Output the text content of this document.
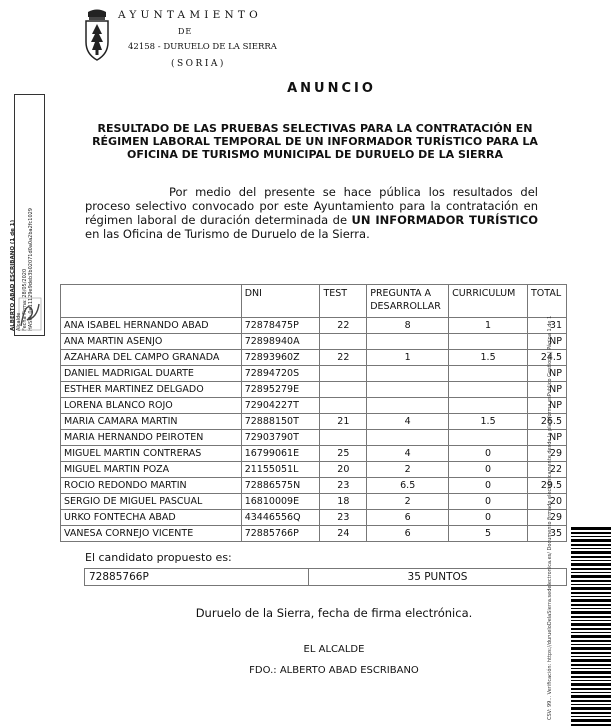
AYUNTAMIENTO
DE
42158 - DURUELO DE LA SIERRA
(SORIA)
ANUNCIO
RESULTADO DE LAS PRUEBAS SELECTIVAS PARA LA CONTRATACIÓN EN RÉGIMEN LABORAL TEMPORAL DE UN INFORMADOR TURÍSTICO PARA LA OFICINA DE TURISMO MUNICIPAL DE DURUELO DE LA SIERRA
Por medio del presente se hace pública los resultados del proceso selectivo convocado por este Ayuntamiento para la contratación en régimen laboral de duración determinada de UN INFORMADOR TURÍSTICO en las Oficina de Turismo de Duruelo de la Sierra.
	DNI	TEST	PREGUNTA A DESARROLLAR	CURRICULUM	TOTAL
ANA ISABEL HERNANDO ABAD	72878475P	22	8	1	31
ANA MARTIN ASENJO	72898940A				NP
AZAHARA DEL CAMPO GRANADA	72893960Z	22	1	1.5	24.5
DANIEL MADRIGAL DUARTE	72894720S				NP
ESTHER MARTINEZ DELGADO	72895279E				NP
LORENA BLANCO ROJO	72904227T				NP
MARIA CAMARA MARTIN	72888150T	21	4	1.5	26.5
MARIA HERNANDO PEIROTEN	72903790T				NP
MIGUEL MARTIN CONTRERAS	16799061E	25	4	0	29
MIGUEL MARTIN POZA	21155051L	20	2	0	22
ROCIO REDONDO MARTIN	72886575N	23	6.5	0	29.5
SERGIO DE MIGUEL PASCUAL	16810009E	18	2	0	20
URKO FONTECHA ABAD	43446556Q	23	6	0	29
VANESA CORNEJO VICENTE	72885766P	24	6	5	35
El candidato propuesto es:
72885766P	35 PUNTOS
Duruelo de la Sierra, fecha de firma electrónica.
EL ALCALDE
FDO.: ALBERTO ABAD ESCRIBANO
ALBERTO ABAD ESCRIBANO (1 de 1)
Alcalde
Fecha Firma: 28/05/2020
HASH: 0e11129e9deb3b02071d0a0a2ba2fc1029
CSV: 99... Verificación: https://durueloDelaSierra.sedelectronica.es/ Documento firmado electrónicamente desde la plataforma esPublico Gestiona | Página 1 de 1
